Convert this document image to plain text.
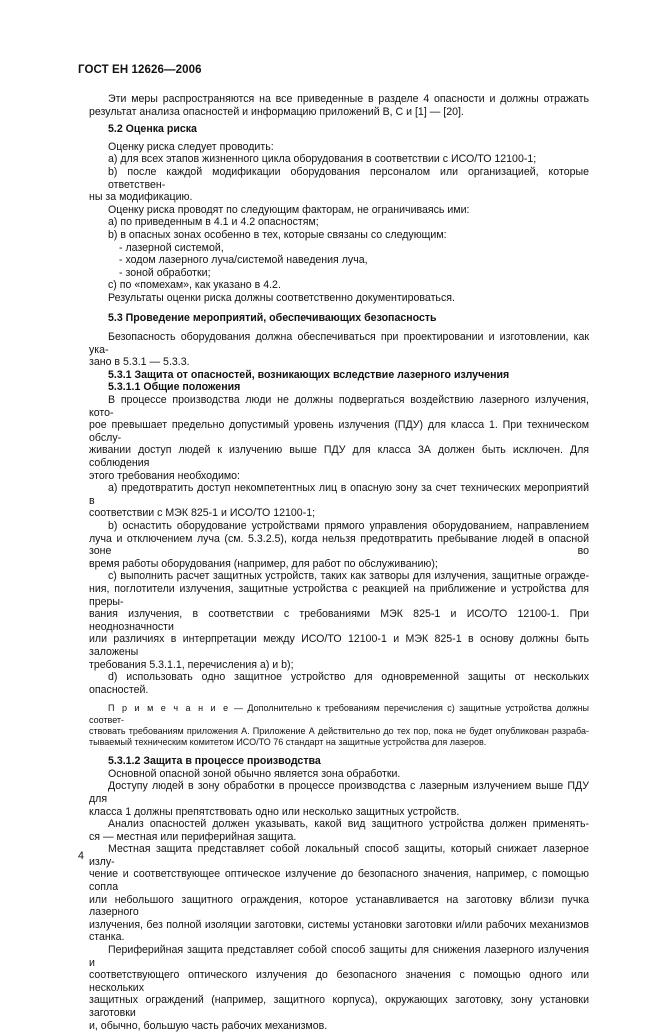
ГОСТ ЕН 12626—2006

Эти меры распространяются на все приведенные в разделе 4 опасности и должны отражать

результат анализа опасностей и информацию приложений В, С и [1] — [20].

5.2 Оценка риска

Оценку риска следует проводить:

а) для всех этапов жизненного цикла оборудования в соответствии с ИСО/ТО 12100-1;

b) после каждой модификации оборудования персоналом или организацией, которые ответствен-

ны за модификацию.

Оценку риска проводят по следующим факторам, не ограничиваясь ими:

а) по приведенным в 4.1 и 4.2 опасностям;

b) в опасных зонах особенно в тех, которые связаны со следующим:

- лазерной системой,

- ходом лазерного луча/системой наведения луча,

- зоной обработки;

с) по «помехам», как указано в 4.2.

Результаты оценки риска должны соответственно документироваться.

5.3 Проведение мероприятий, обеспечивающих безопасность

Безопасность оборудования должна обеспечиваться при проектировании и изготовлении, как ука-

зано в 5.3.1 — 5.3.3.

5.3.1 Защита от опасностей, возникающих вследствие лазерного излучения

5.3.1.1 Общие положения

В процессе производства люди не должны подвергаться воздействию лазерного излучения, кото-

рое превышает предельно допустимый уровень излучения (ПДУ) для класса 1. При техническом обслу-

живании доступ людей к излучению выше ПДУ для класса 3А должен быть исключен. Для соблюдения

этого требования необходимо:

а) предотвратить доступ некомпетентных лиц в опасную зону за счет технических мероприятий в

соответствии с МЭК 825-1 и ИСО/ТО 12100-1;

b) оснастить оборудование устройствами прямого управления оборудованием, направлением

луча и отключением луча (см. 5.3.2.5), когда нельзя предотвратить пребывание людей в опасной зоне во

время работы оборудования (например, для работ по обслуживанию);

с) выполнить расчет защитных устройств, таких как затворы для излучения, защитные огражде-

ния, поглотители излучения, защитные устройства с реакцией на приближение и устройства для преры-

вания излучения, в соответствии с требованиями МЭК 825-1 и ИСО/ТО 12100-1. При неоднозначности

или различиях в интерпретации между ИСО/ТО 12100-1 и МЭК 825-1 в основу должны быть заложены

требования 5.3.1.1, перечисления а) и b);

d) использовать одно защитное устройство для одновременной защиты от нескольких опасностей.

П р и м е ч а н и е — Дополнительно к требованиям перечисления с) защитные устройства должны соответ-

ствовать требованиям приложения А. Приложение А действительно до тех пор, пока не будет опубликован разраба-

тываемый техническим комитетом ИСО/ТО 76 стандарт на защитные устройства для лазеров.

5.3.1.2 Защита в процессе производства

Основной опасной зоной обычно является зона обработки.

Доступу людей в зону обработки в процессе производства с лазерным излучением выше ПДУ для

класса 1 должны препятствовать одно или несколько защитных устройств.

Анализ опасностей должен указывать, какой вид защитного устройства должен применять-

ся — местная или периферийная защита.

Местная защита представляет собой локальный способ защиты, который снижает лазерное излу-

чение и соответствующее оптическое излучение до безопасного значения, например, с помощью сопла

или небольшого защитного ограждения, которое устанавливается на заготовку вблизи пучка лазерного

излучения, без полной изоляции заготовки, системы установки заготовки и/или рабочих механизмов

станка.

Периферийная защита представляет собой способ защиты для снижения лазерного излучения и

соответствующего оптического излучения до безопасного значения с помощью одного или нескольких

защитных ограждений (например, защитного корпуса), окружающих заготовку, зону установки заготовки

и, обычно, большую часть рабочих механизмов.

4
